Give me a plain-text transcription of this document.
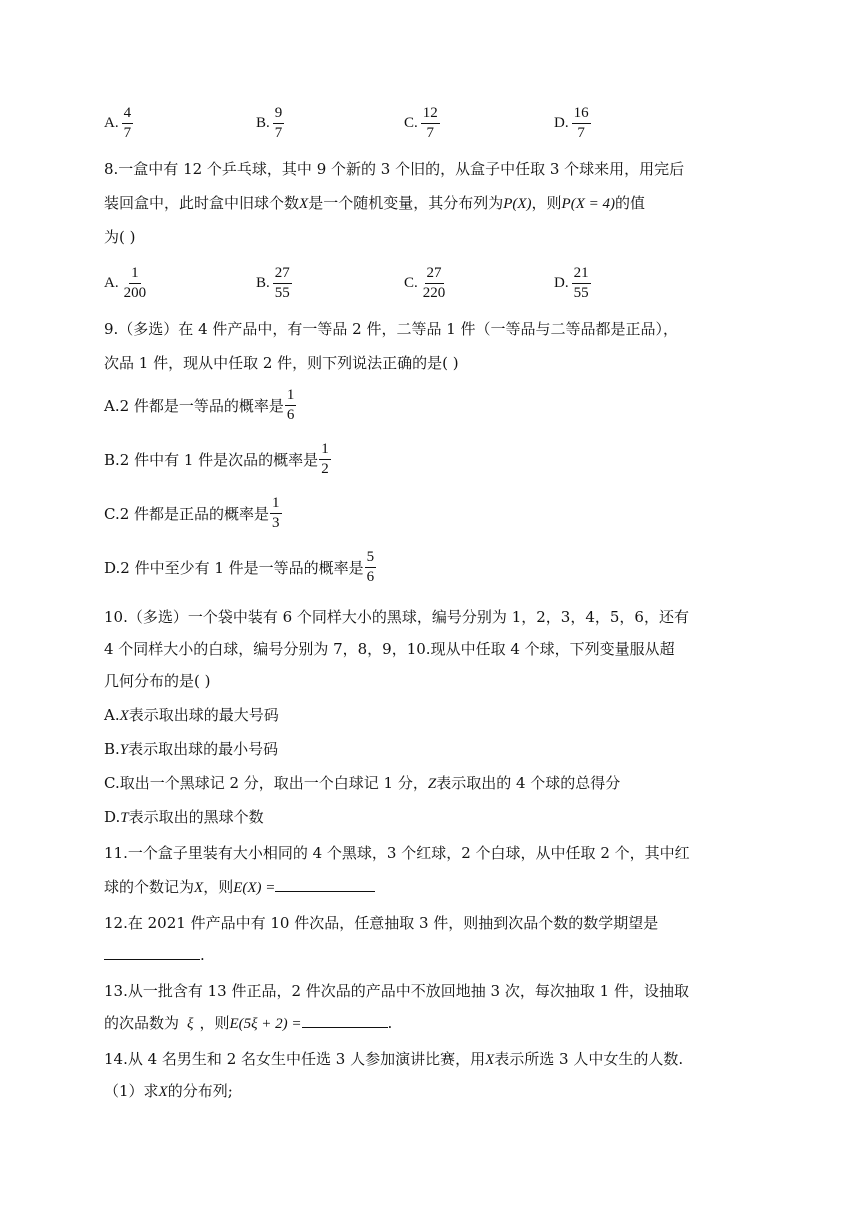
A. $\frac{4}{7}$	B. $\frac{9}{7}$	C. $\frac{12}{7}$	D. $\frac{16}{7}$
8.一盒中有 12 个乒乓球，其中 9 个新的 3 个旧的，从盒子中任取 3 个球来用，用完后
装回盒中，此时盒中旧球个数X是一个随机变量，其分布列为P(X)，则P(X = 4)的值
为( )
A. $\frac{1}{200}$	B. $\frac{27}{55}$	C. $\frac{27}{220}$	D. $\frac{21}{55}$
9.（多选）在 4 件产品中，有一等品 2 件，二等品 1 件（一等品与二等品都是正品），
次品 1 件，现从中任取 2 件，则下列说法正确的是( )
A.2 件都是一等品的概率是 $\frac{1}{6}$
B.2 件中有 1 件是次品的概率是 $\frac{1}{2}$
C.2 件都是正品的概率是 $\frac{1}{3}$
D.2 件中至少有 1 件是一等品的概率是 $\frac{5}{6}$
10.（多选）一个袋中装有 6 个同样大小的黑球，编号分别为 1，2，3，4，5，6，还有
4 个同样大小的白球，编号分别为 7，8，9，10.现从中任取 4 个球，下列变量服从超
几何分布的是( )
A.X表示取出球的最大号码
B.Y表示取出球的最小号码
C.取出一个黑球记 2 分，取出一个白球记 1 分，Z表示取出的 4 个球的总得分
D.T表示取出的黑球个数
11.一个盒子里装有大小相同的 4 个黑球，3 个红球，2 个白球，从中任取 2 个，其中红
球的个数记为X，则E(X) =
12.在 2021 件产品中有 10 件次品，任意抽取 3 件，则抽到次品个数的数学期望是
.
13.从一批含有 13 件正品，2 件次品的产品中不放回地抽 3 次，每次抽取 1 件，设抽取
的次品数为 ξ ，则E(5ξ + 2) =	.
14.从 4 名男生和 2 名女生中任选 3 人参加演讲比赛，用X表示所选 3 人中女生的人数.
（1）求X的分布列;
